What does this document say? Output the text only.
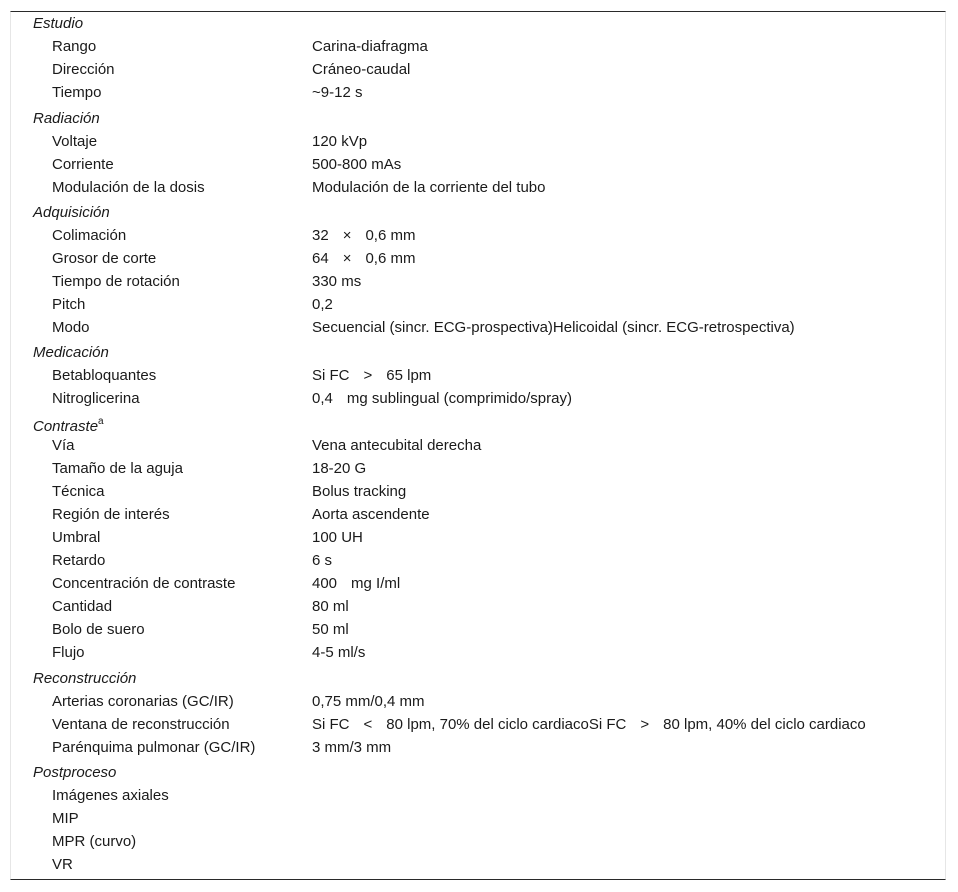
Estudio
Rango	Carina-diafragma
Dirección	Cráneo-caudal
Tiempo	~9-12 s
Radiación
Voltaje	120 kVp
Corriente	500-800 mAs
Modulación de la dosis	Modulación de la corriente del tubo
Adquisición
Colimación	32 × 0,6 mm
Grosor de corte	64 × 0,6 mm
Tiempo de rotación	330 ms
Pitch	0,2
Modo	Secuencial (sincr. ECG-prospectiva)Helicoidal (sincr. ECG-retrospectiva)
Medicación
Betabloquantes	Si FC > 65 lpm
Nitroglicerina	0,4 mg sublingual (comprimido/spray)
Contraste$^a$
Vía	Vena antecubital derecha
Tamaño de la aguja	18-20 G
Técnica	Bolus tracking
Región de interés	Aorta ascendente
Umbral	100 UH
Retardo	6 s
Concentración de contraste	400 mg I/ml
Cantidad	80 ml
Bolo de suero	50 ml
Flujo	4-5 ml/s
Reconstrucción
Arterias coronarias (GC/IR)	0,75 mm/0,4 mm
Ventana de reconstrucción	Si FC < 80 lpm, 70% del ciclo cardiacoSi FC > 80 lpm, 40% del ciclo cardiaco
Parénquima pulmonar (GC/IR)	3 mm/3 mm
Postproceso
Imágenes axiales
MIP
MPR (curvo)
VR
